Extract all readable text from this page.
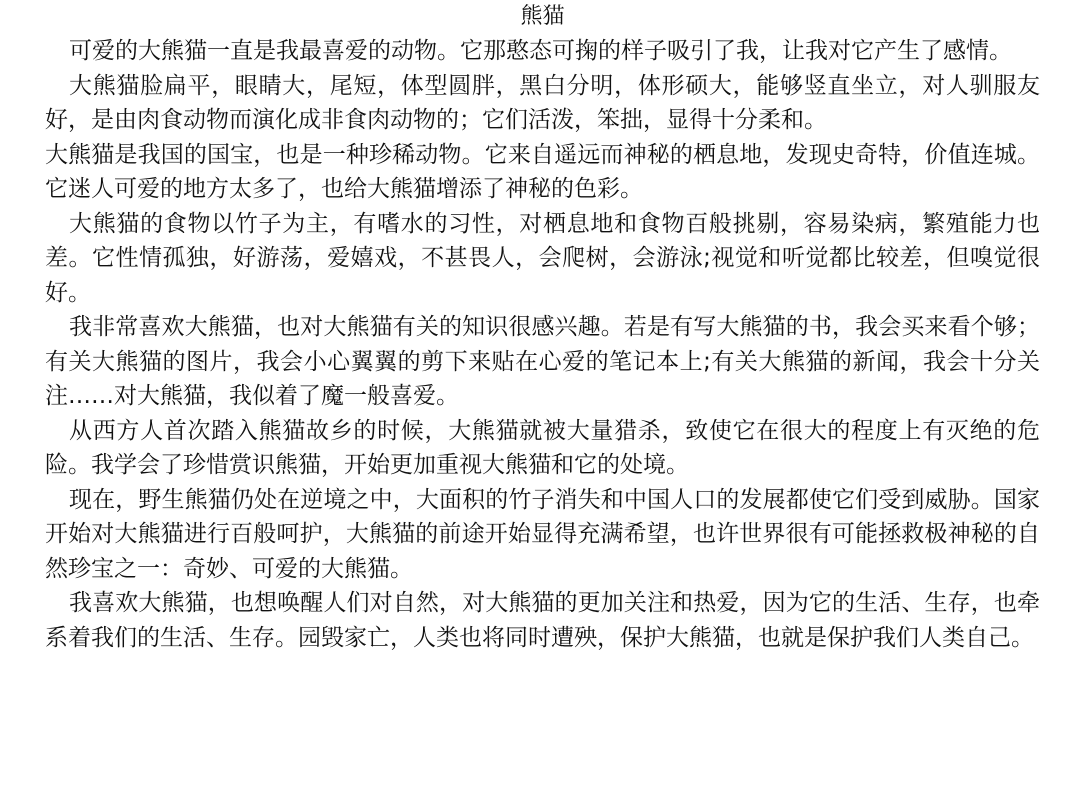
熊猫

可爱的大熊猫一直是我最喜爱的动物。它那憨态可掬的样子吸引了我，让我对它产生了感情。

大熊猫脸扁平，眼睛大，尾短，体型圆胖，黑白分明，体形硕大，能够竖直坐立，对人驯服友好，是由肉食动物而演化成非食肉动物的；它们活泼，笨拙，显得十分柔和。

大熊猫是我国的国宝，也是一种珍稀动物。它来自遥远而神秘的栖息地，发现史奇特，价值连城。它迷人可爱的地方太多了，也给大熊猫增添了神秘的色彩。

大熊猫的食物以竹子为主，有嗜水的习性，对栖息地和食物百般挑剔，容易染病，繁殖能力也差。它性情孤独，好游荡，爱嬉戏，不甚畏人，会爬树，会游泳;视觉和听觉都比较差，但嗅觉很好。

我非常喜欢大熊猫，也对大熊猫有关的知识很感兴趣。若是有写大熊猫的书，我会买来看个够；有关大熊猫的图片，我会小心翼翼的剪下来贴在心爱的笔记本上;有关大熊猫的新闻，我会十分关注……对大熊猫，我似着了魔一般喜爱。

从西方人首次踏入熊猫故乡的时候，大熊猫就被大量猎杀，致使它在很大的程度上有灭绝的危险。我学会了珍惜赏识熊猫，开始更加重视大熊猫和它的处境。

现在，野生熊猫仍处在逆境之中，大面积的竹子消失和中国人口的发展都使它们受到威胁。国家开始对大熊猫进行百般呵护，大熊猫的前途开始显得充满希望，也许世界很有可能拯救极神秘的自然珍宝之一：奇妙、可爱的大熊猫。

我喜欢大熊猫，也想唤醒人们对自然，对大熊猫的更加关注和热爱，因为它的生活、生存，也牵系着我们的生活、生存。园毁家亡，人类也将同时遭殃，保护大熊猫，也就是保护我们人类自己。
